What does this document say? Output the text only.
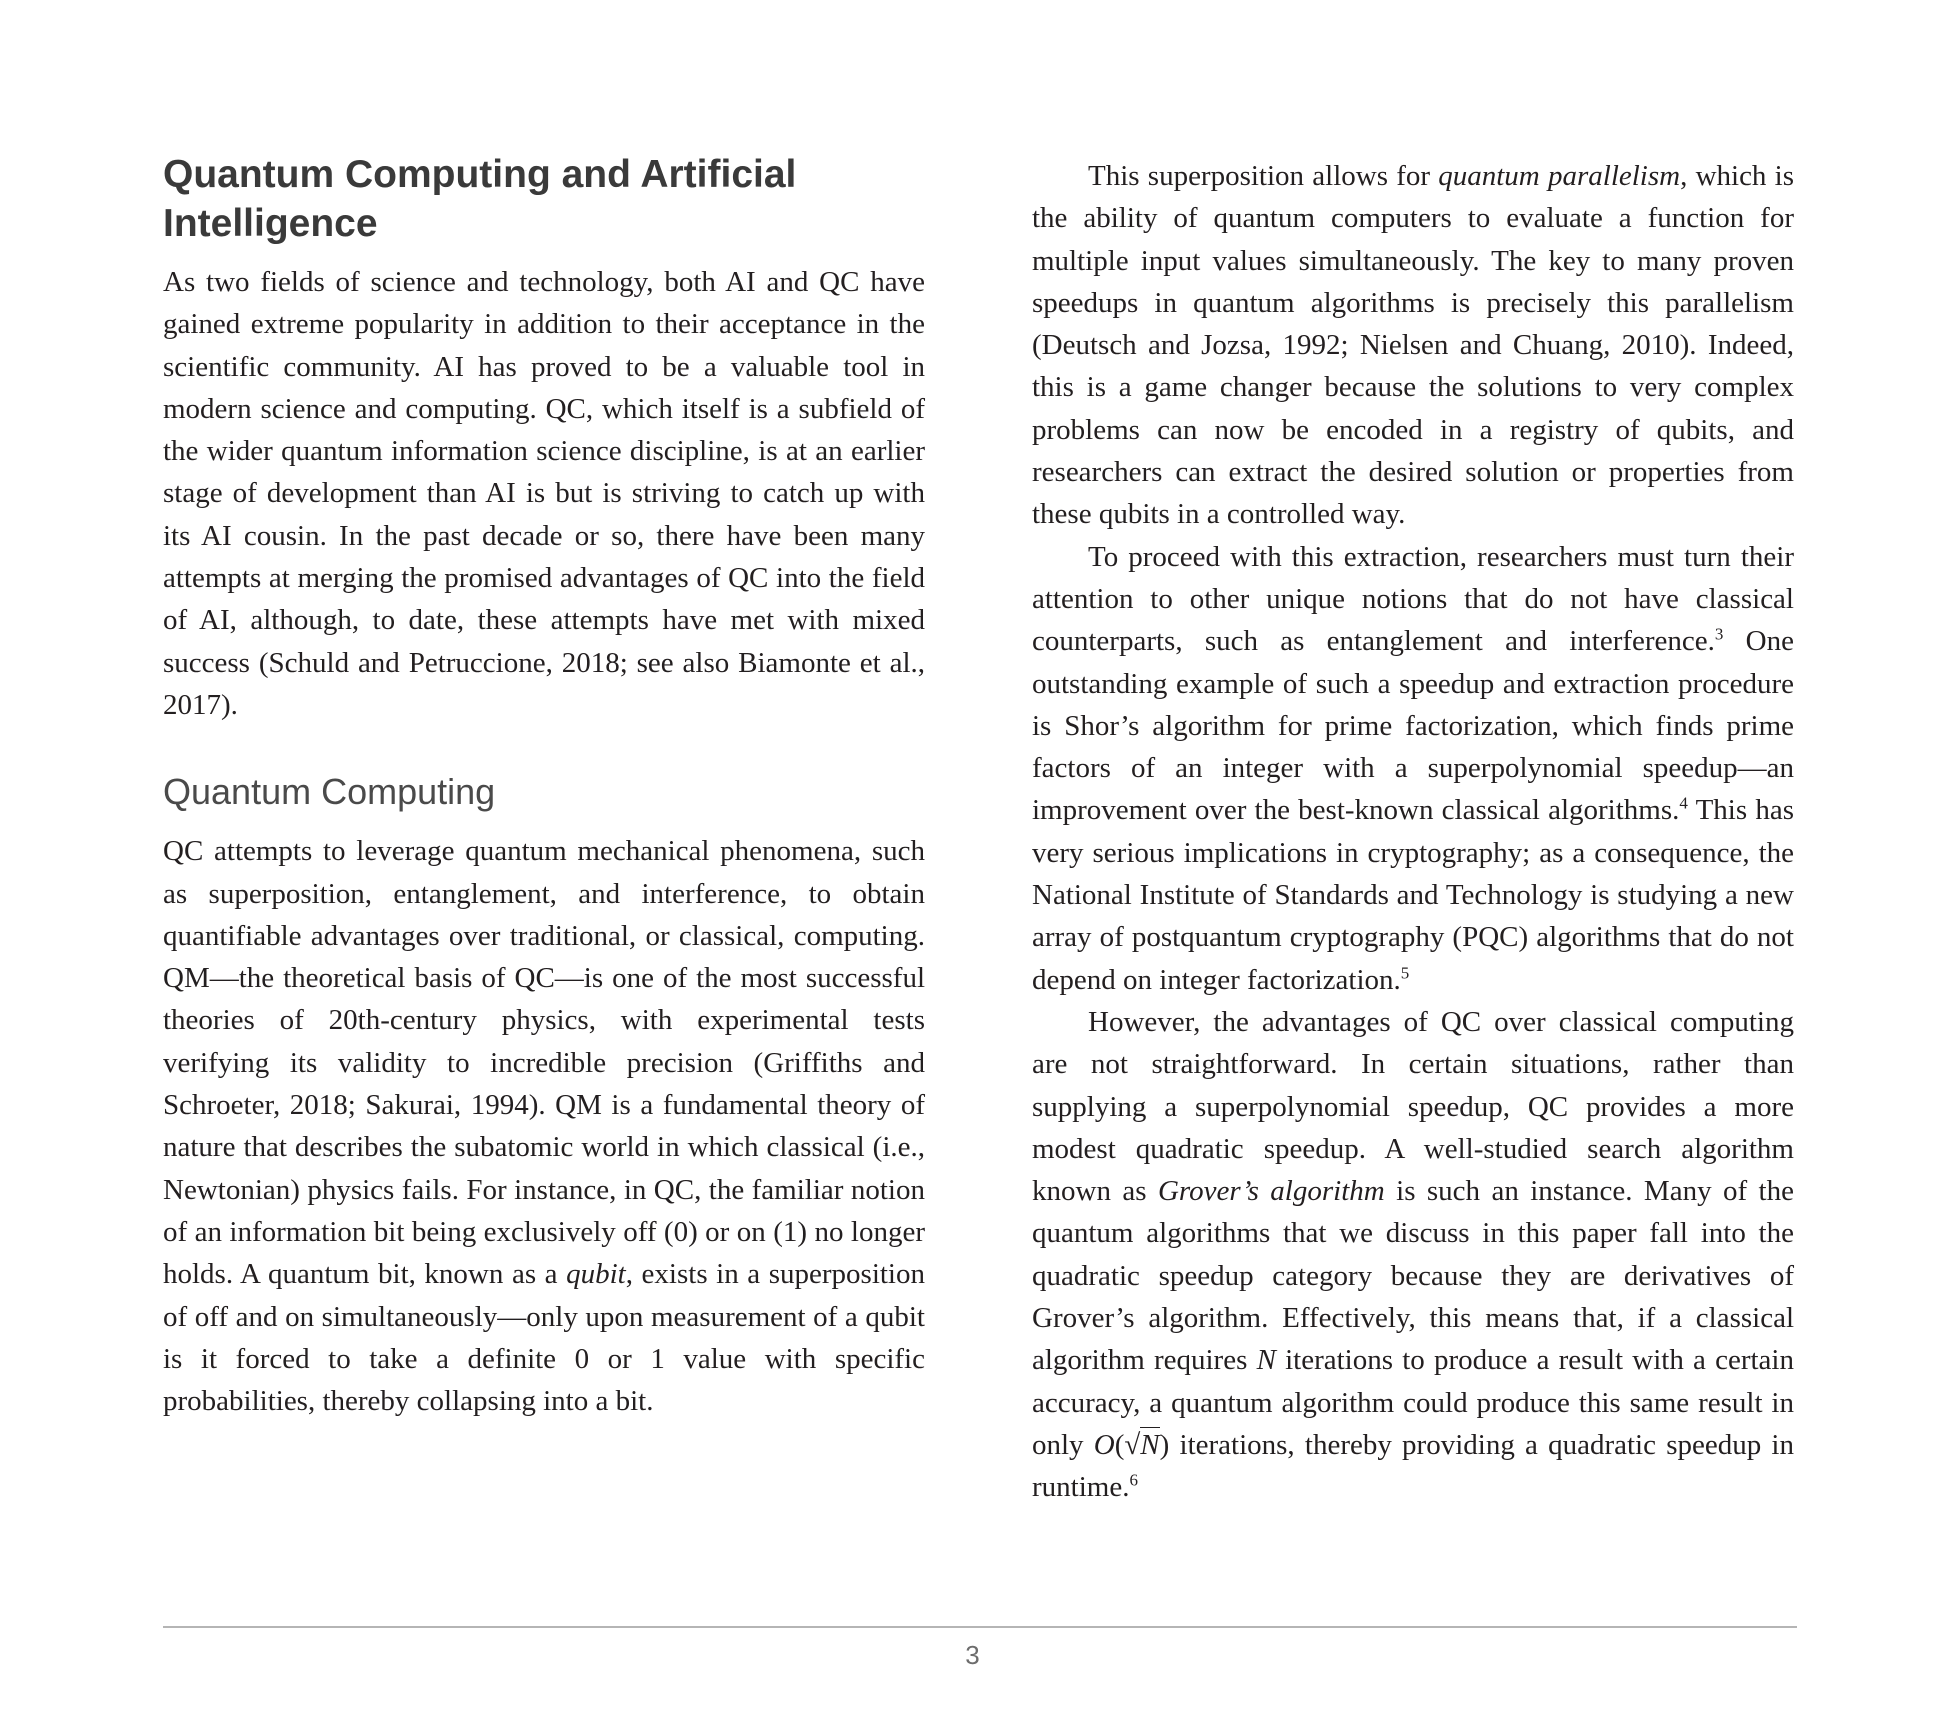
Quantum Computing and Artificial Intelligence

As two fields of science and technology, both AI and QC have gained extreme popularity in addition to their acceptance in the scientific community. AI has proved to be a valuable tool in modern science and computing. QC, which itself is a subfield of the wider quantum information science discipline, is at an earlier stage of development than AI is but is striving to catch up with its AI cousin. In the past decade or so, there have been many attempts at merging the promised advantages of QC into the field of AI, although, to date, these attempts have met with mixed success (Schuld and Petruccione, 2018; see also Biamonte et al., 2017).

Quantum Computing

QC attempts to leverage quantum mechanical phenomena, such as superposition, entanglement, and interference, to obtain quantifiable advantages over traditional, or classical, computing. QM—the theoretical basis of QC—is one of the most successful theories of 20th-century physics, with experimental tests verifying its validity to incredible precision (Griffiths and Schroeter, 2018; Sakurai, 1994). QM is a fundamental theory of nature that describes the subatomic world in which classical (i.e., Newtonian) physics fails. For instance, in QC, the familiar notion of an information bit being exclusively off (0) or on (1) no longer holds. A quantum bit, known as a qubit, exists in a superposition of off and on simultaneously—only upon measurement of a qubit is it forced to take a definite 0 or 1 value with specific probabilities, thereby collapsing into a bit.

This superposition allows for quantum parallelism, which is the ability of quantum computers to evaluate a function for multiple input values simultaneously. The key to many proven speedups in quantum algorithms is precisely this parallelism (Deutsch and Jozsa, 1992; Nielsen and Chuang, 2010). Indeed, this is a game changer because the solutions to very complex problems can now be encoded in a registry of qubits, and researchers can extract the desired solution or properties from these qubits in a controlled way.

To proceed with this extraction, researchers must turn their attention to other unique notions that do not have classical counterparts, such as entanglement and interference.$^3$ One outstanding example of such a speedup and extraction procedure is Shor’s algorithm for prime factorization, which finds prime factors of an integer with a superpolynomial speedup—an improvement over the best-known classical algorithms.$^4$ This has very serious implications in cryptography; as a consequence, the National Institute of Standards and Technology is studying a new array of postquantum cryptography (PQC) algorithms that do not depend on integer factorization.$^5$

However, the advantages of QC over classical computing are not straightforward. In certain situations, rather than supplying a superpolynomial speedup, QC provides a more modest quadratic speedup. A well-studied search algorithm known as Grover’s algorithm is such an instance. Many of the quantum algorithms that we discuss in this paper fall into the quadratic speedup category because they are derivatives of Grover’s algorithm. Effectively, this means that, if a classical algorithm requires N iterations to produce a result with a certain accuracy, a quantum algorithm could produce this same result in only O(√N) iterations, thereby providing a quadratic speedup in runtime.$^6$

3
